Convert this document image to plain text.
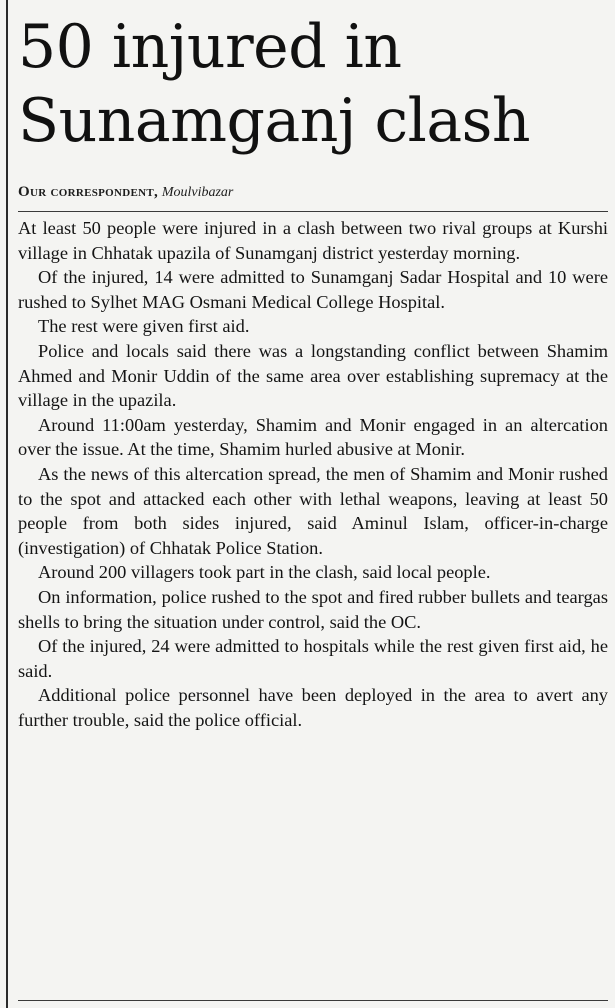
50 injured in Sunamganj clash
Our correspondent, Moulvibazar

At least 50 people were injured in a clash between two rival groups at Kurshi village in Chhatak upazila of Sunamganj district yesterday morning.

Of the injured, 14 were admitted to Sunamganj Sadar Hospital and 10 were rushed to Sylhet MAG Osmani Medical College Hospital.

The rest were given first aid.

Police and locals said there was a longstanding conflict between Shamim Ahmed and Monir Uddin of the same area over establishing supremacy at the village in the upazila.

Around 11:00am yesterday, Shamim and Monir engaged in an altercation over the issue. At the time, Shamim hurled abusive at Monir.

As the news of this altercation spread, the men of Shamim and Monir rushed to the spot and attacked each other with lethal weapons, leaving at least 50 people from both sides injured, said Aminul Islam, officer-in-charge (investigation) of Chhatak Police Station.

Around 200 villagers took part in the clash, said local people.

On information, police rushed to the spot and fired rubber bullets and teargas shells to bring the situation under control, said the OC.

Of the injured, 24 were admitted to hospitals while the rest given first aid, he said.

Additional police personnel have been deployed in the area to avert any further trouble, said the police official.
